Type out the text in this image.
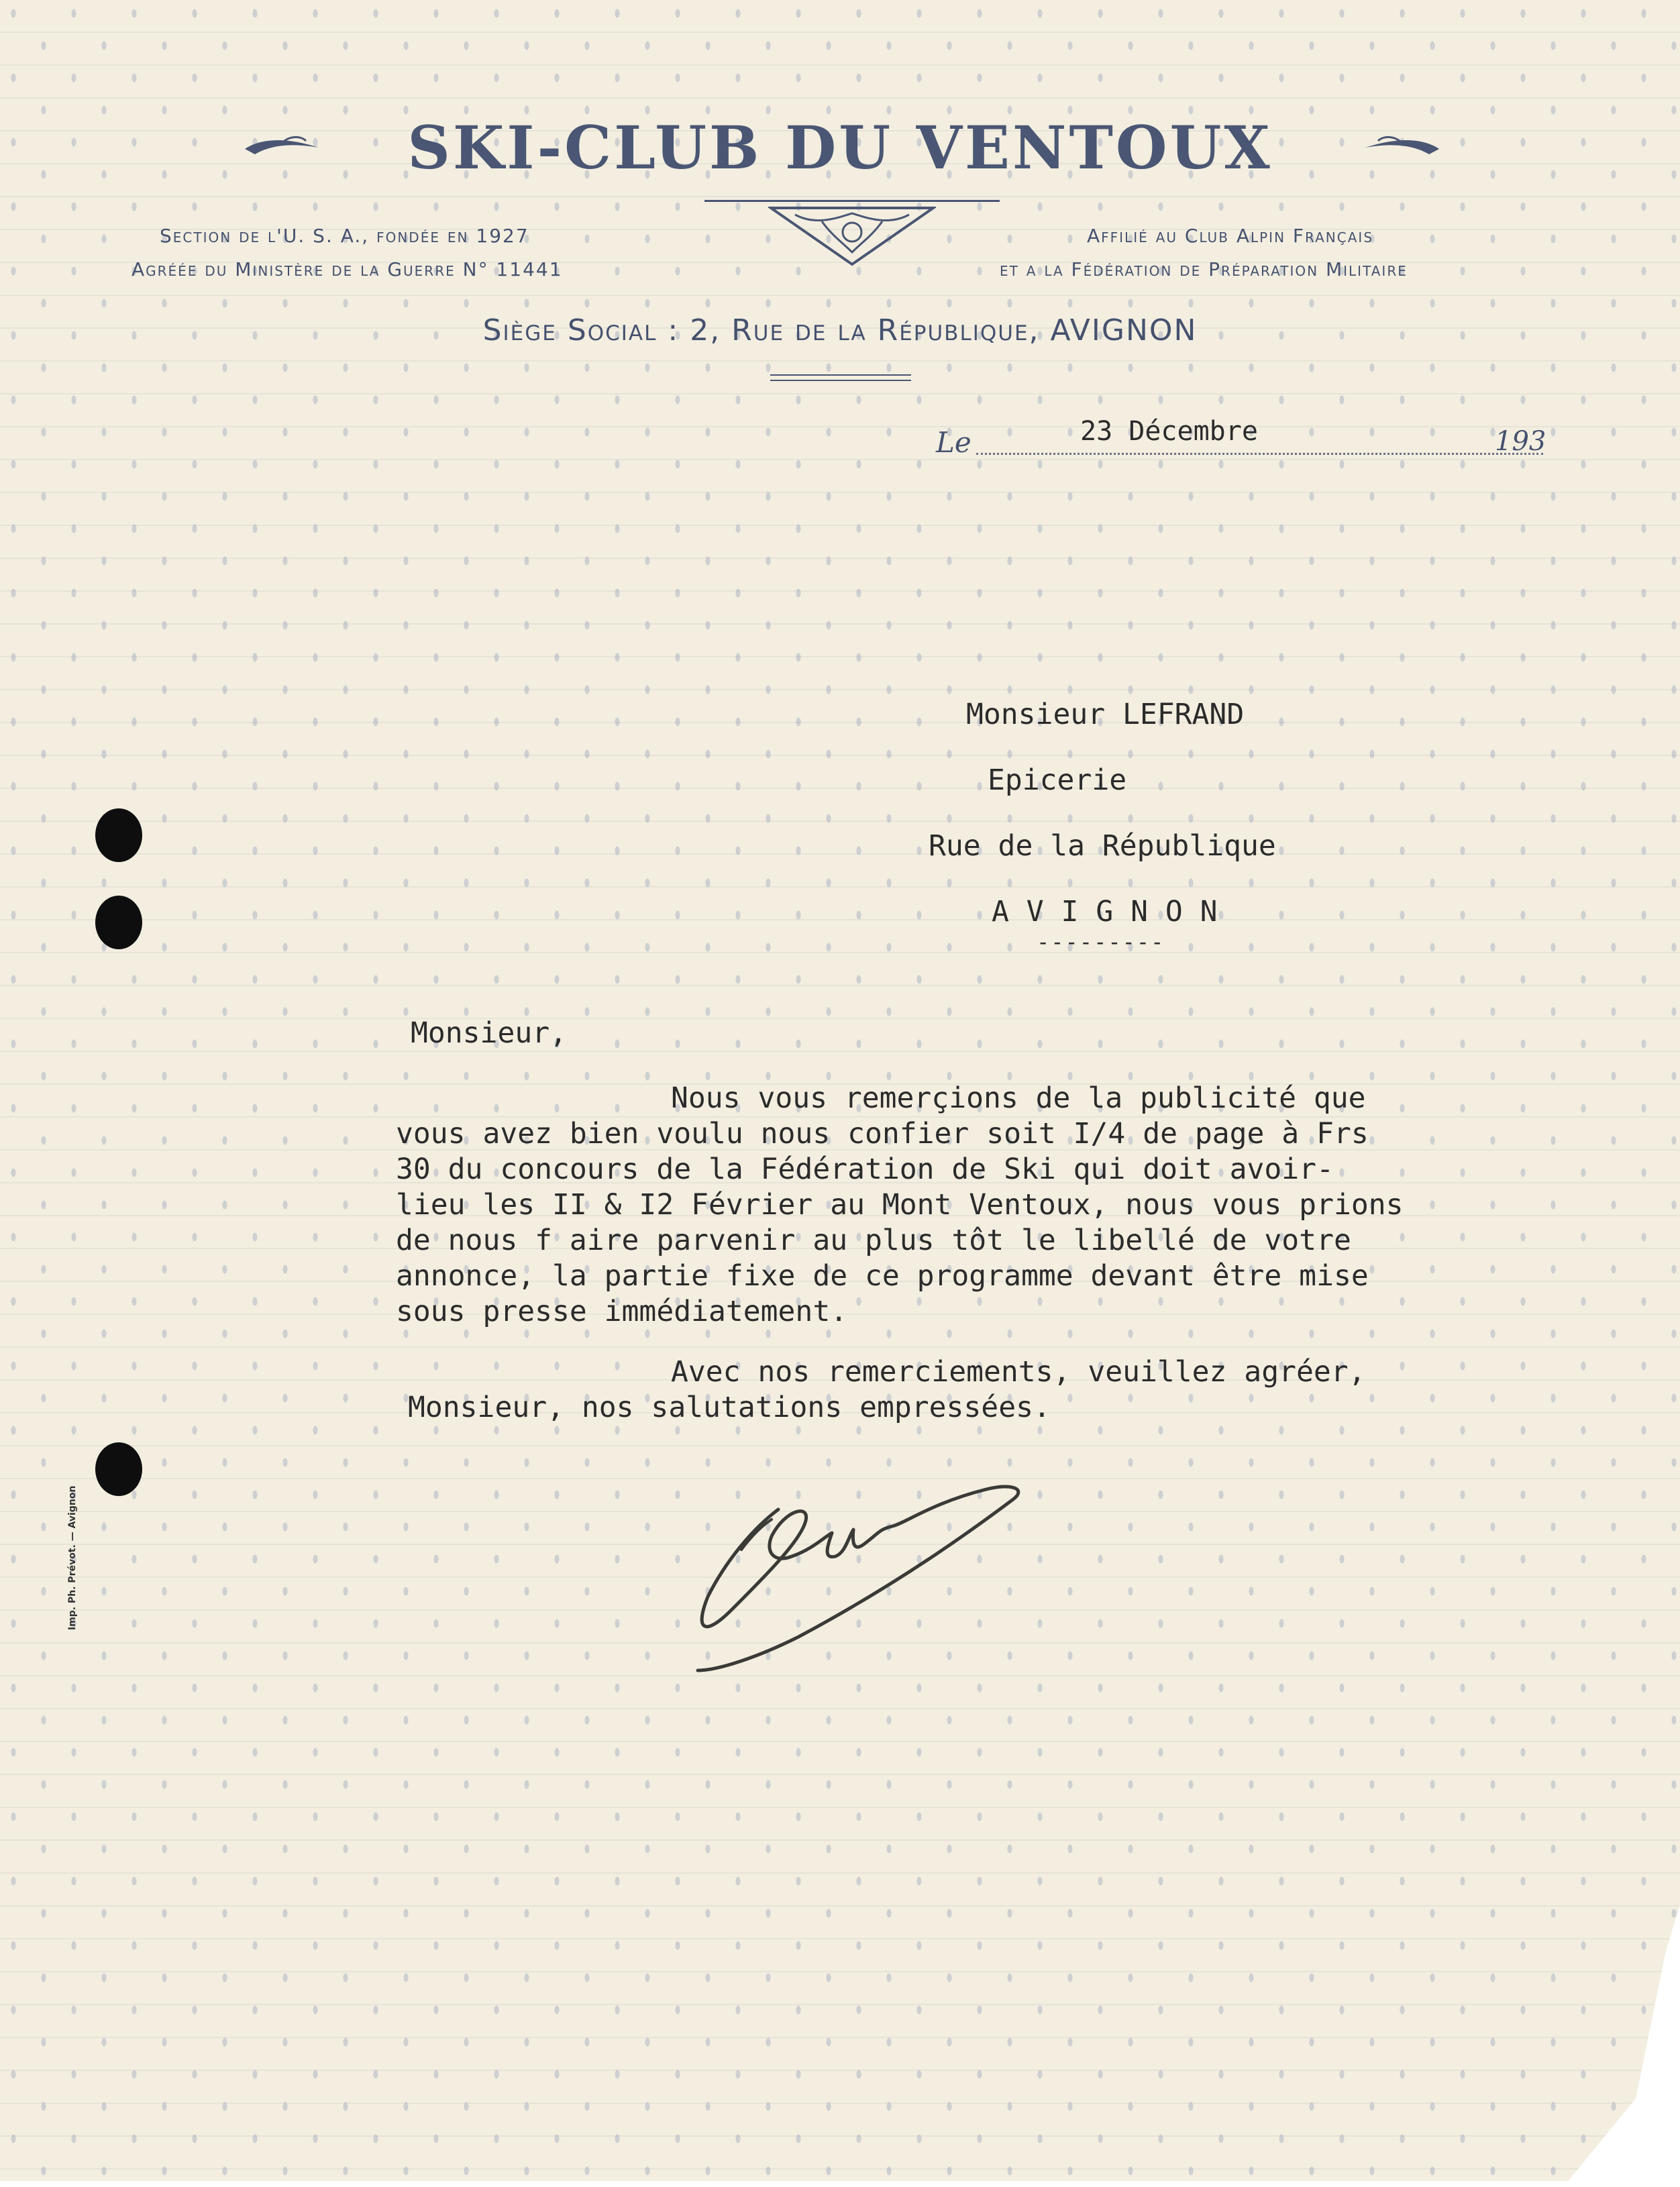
SKI-CLUB DU VENTOUX
Section de l'U. S. A., fondée en 1927
Agréée du Ministère de la Guerre N° 11441
Affilié au Club Alpin Français
et a la Fédération de Préparation Militaire
Siège Social : 2, Rue de la République, AVIGNON
Le	23 Décembre	193
Monsieur LEFRAND
Epicerie
Rue de la République
A V I G N O N
---------
Monsieur,
Nous vous remerçions de la publicité que
vous avez bien voulu nous confier soit I/4 de page à Frs
30 du concours de la Fédération de Ski qui doit avoir-
lieu les II & I2 Février au Mont Ventoux, nous vous prions
de nous f aire parvenir au plus tôt le libellé de votre
annonce, la partie fixe de ce programme devant être mise
sous presse immédiatement.
Avec nos remerciements, veuillez agréer,
Monsieur, nos salutations empressées.
Imp. Ph. Prévot. — Avignon
